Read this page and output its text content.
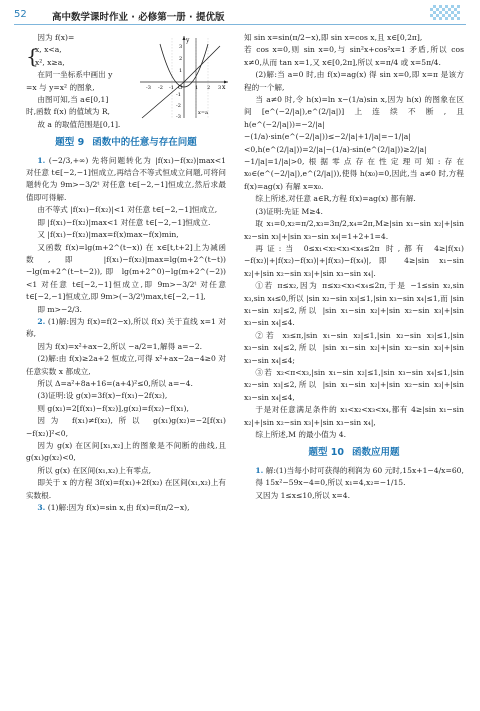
52	高中数学课时作业 · 必修第一册 · 提优版
y
x
O
x=a
-3 -2 -1	1 2 3
3
2
1
-1
-2
-3

因为 f(x)=

{

x, x<a,

x², x≥a,

在同一坐标系中画出 y

=x 与 y=x² 的图象,

由图可知,当 a∈[0,1]

时,函数 f(x) 的值域为 R,

故 a 的取值范围是[0,1].

题型 9 函数中的任意与存在问题

1. (−2/3,+∞) 先将问题转化为 |f(x₁)−f(x₂)|max<1 对任意 t∈[−2,−1]恒成立,再结合不等式恒成立问题,可将问题转化为 9m>−3/2ᵗ 对任意 t∈[−2,−1]恒成立,然后求最值即可得解.

由不等式 |f(x₁)−f(x₂)|<1 对任意 t∈[−2,−1]恒成立,

即 |f(x₁)−f(x₂)|max<1 对任意 t∈[−2,−1]恒成立.

又 |f(x₁)−f(x₂)|max=f(x)max−f(x)min,

又函数 f(x)=lg(m+2^(t−x)) 在 x∈[t,t+2]上为减函数,即 |f(x₁)−f(x₂)|max=lg(m+2^(t−t))−lg(m+2^(t−t−2)),即 lg(m+2^0)−lg(m+2^(−2))<1 对任意 t∈[−2,−1]恒成立,即 9m>−3/2ᵗ 对任意 t∈[−2,−1]恒成立,即 9m>(−3/2ᵗ)max,t∈[−2,−1],

即 m>−2/3.

2. (1)解:因为 f(x)=f(2−x),所以 f(x) 关于直线 x=1 对称,

因为 f(x)=x²+ax−2,所以 −a/2=1,解得 a=−2.

(2)解:由 f(x)≥2a+2 恒成立,可得 x²+ax−2a−4≥0 对任意实数 x 都成立,

所以 Δ=a²+8a+16=(a+4)²≤0,所以 a=−4.

(3)证明:设 g(x)=3f(x)−f(x₁)−2f(x₂),

则 g(x₁)=2[f(x₁)−f(x₂)],g(x₂)=f(x₂)−f(x₁),

因为 f(x₁)≠f(x₂),所以 g(x₁)g(x₂)=−2[f(x₁)−f(x₂)]²<0,

因为 g(x) 在区间[x₁,x₂]上的图象是不间断的曲线,且 g(x₁)g(x₂)<0,

所以 g(x) 在区间(x₁,x₂)上有零点,

即关于 x 的方程 3f(x)=f(x₁)+2f(x₂) 在区间(x₁,x₂)上有实数根.

3. (1)解:因为 f(x)=sin x,由 f(x)=f(π/2−x),

知 sin x=sin(π/2−x),即 sin x=cos x,且 x∈[0,2π],

若 cos x=0,则 sin x=0,与 sin²x+cos²x=1 矛盾,所以 cos x≠0,从而 tan x=1,又 x∈[0,2π],所以 x=π/4 或 x=5π/4.

(2)解:当 a=0 时,由 f(x)=ag(x) 得 sin x=0,即 x=π 是该方程的一个解,

当 a≠0 时,令 h(x)=ln x−(1/a)sin x,因为 h(x) 的图象在区间[e^(−2/|a|),e^(2/|a|)]上连续不断,且 h(e^(−2/|a|))=−2/|a|−(1/a)·sin(e^(−2/|a|))≤−2/|a|+1/|a|=−1/|a|<0,h(e^(2/|a|))=2/|a|−(1/a)·sin(e^(2/|a|))≥2/|a|−1/|a|=1/|a|>0,根据零点存在性定理可知:存在 x₀∈(e^(−2/|a|),e^(2/|a|)),使得 h(x₀)=0,因此,当 a≠0 时,方程 f(x)=ag(x) 有解 x=x₀.

综上所述,对任意 a∈R,方程 f(x)=ag(x) 都有解.

(3)证明:先证 M≥4.

取 x₁=0,x₂=π/2,x₃=3π/2,x₄=2π,M≥|sin x₁−sin x₂|+|sin x₂−sin x₃|+|sin x₃−sin x₄|=1+2+1=4.

再证:当 0≤x₁<x₂<x₃<x₄≤2π 时,都有 4≥|f(x₁)−f(x₂)|+|f(x₂)−f(x₃)|+|f(x₃)−f(x₄)|,即 4≥|sin x₁−sin x₂|+|sin x₂−sin x₃|+|sin x₃−sin x₄|.

①若 π≤x₂,因为 π≤x₂<x₃<x₄≤2π,于是 −1≤sin x₂,sin x₃,sin x₄≤0,所以 |sin x₂−sin x₃|≤1,|sin x₃−sin x₄|≤1,而 |sin x₁−sin x₂|≤2,所以 |sin x₁−sin x₂|+|sin x₂−sin x₃|+|sin x₃−sin x₄|≤4.

②若 x₃≤π,|sin x₁−sin x₂|≤1,|sin x₂−sin x₃|≤1,|sin x₃−sin x₄|≤2,所以 |sin x₁−sin x₂|+|sin x₂−sin x₃|+|sin x₃−sin x₄|≤4;

③若 x₂<π<x₃,|sin x₁−sin x₂|≤1,|sin x₃−sin x₄|≤1,|sin x₂−sin x₃|≤2,所以 |sin x₁−sin x₂|+|sin x₂−sin x₃|+|sin x₃−sin x₄|≤4,

于是对任意满足条件的 x₁<x₂<x₃<x₄,都有 4≥|sin x₁−sin x₂|+|sin x₂−sin x₃|+|sin x₃−sin x₄|,

综上所述,M 的最小值为 4.

题型 10 函数应用题

1. 解:(1)当每小时可获得的利润为 60 元时,15x+1−4/x=60,

得 15x²−59x−4=0,所以 x₁=4,x₂=−1/15.

又因为 1≤x≤10,所以 x=4.
